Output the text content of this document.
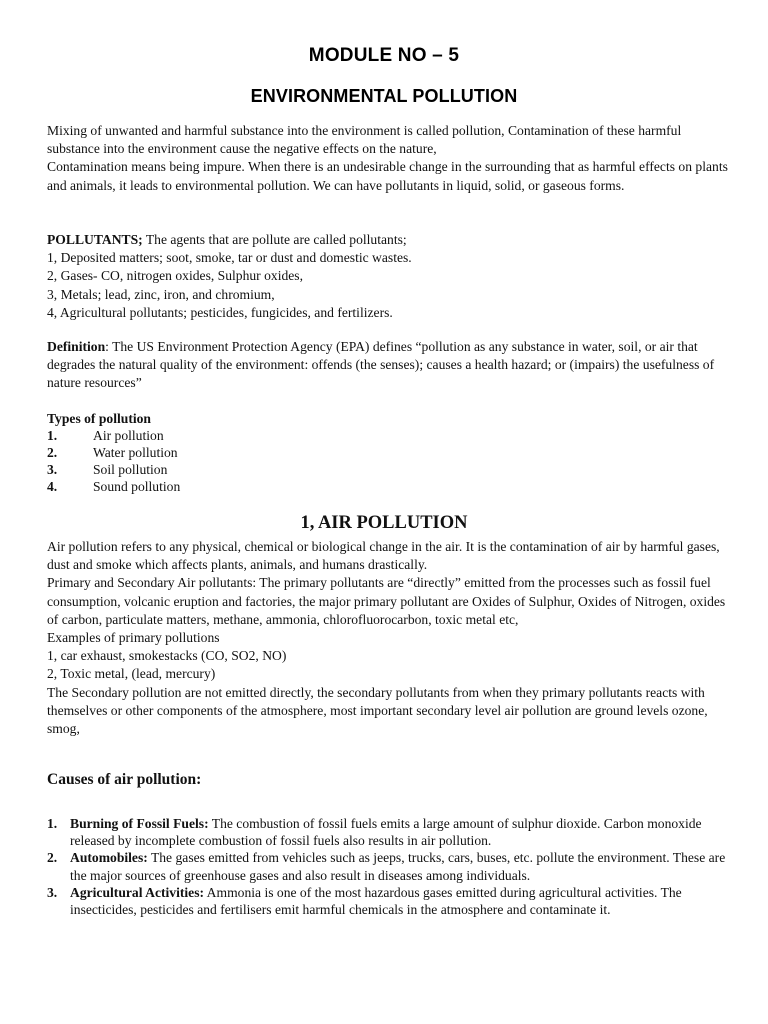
MODULE NO – 5
ENVIRONMENTAL POLLUTION

Mixing of unwanted and harmful substance into the environment is called pollution, Contamination of these harmful substance into the environment cause the negative effects on the nature,

Contamination means being impure. When there is an undesirable change in the surrounding that as harmful effects on plants and animals, it leads to environmental pollution. We can have pollutants in liquid, solid, or gaseous forms.

POLLUTANTS; The agents that are pollute are called pollutants;

1, Deposited matters; soot, smoke, tar or dust and domestic wastes.

2, Gases- CO, nitrogen oxides, Sulphur oxides,

3, Metals; lead, zinc, iron, and chromium,

4, Agricultural pollutants; pesticides, fungicides, and fertilizers.

Definition: The US Environment Protection Agency (EPA) defines “pollution as any substance in water, soil, or air that degrades the natural quality of the environment: offends (the senses); causes a health hazard; or (impairs) the usefulness of nature resources”

Types of pollution

1.	Air pollution
2.	Water pollution
3.	Soil pollution
4.	Sound pollution
1, AIR POLLUTION

Air pollution refers to any physical, chemical or biological change in the air. It is the contamination of air by harmful gases, dust and smoke which affects plants, animals, and humans drastically.

Primary and Secondary Air pollutants: The primary pollutants are “directly” emitted from the processes such as fossil fuel consumption, volcanic eruption and factories, the major primary pollutant are Oxides of Sulphur, Oxides of Nitrogen, oxides of carbon, particulate matters, methane, ammonia, chlorofluorocarbon, toxic metal etc,

Examples of primary pollutions

1, car exhaust, smokestacks (CO, SO2, NO)

2, Toxic metal, (lead, mercury)

The Secondary pollution are not emitted directly, the secondary pollutants from when they primary pollutants reacts with themselves or other components of the atmosphere, most important secondary level air pollution are ground levels ozone, smog,

Causes of air pollution:
1. Burning of Fossil Fuels: The combustion of fossil fuels emits a large amount of sulphur dioxide. Carbon monoxide released by incomplete combustion of fossil fuels also results in air pollution.
2. Automobiles: The gases emitted from vehicles such as jeeps, trucks, cars, buses, etc. pollute the environment. These are the major sources of greenhouse gases and also result in diseases among individuals.
3. Agricultural Activities: Ammonia is one of the most hazardous gases emitted during agricultural activities. The insecticides, pesticides and fertilisers emit harmful chemicals in the atmosphere and contaminate it.
